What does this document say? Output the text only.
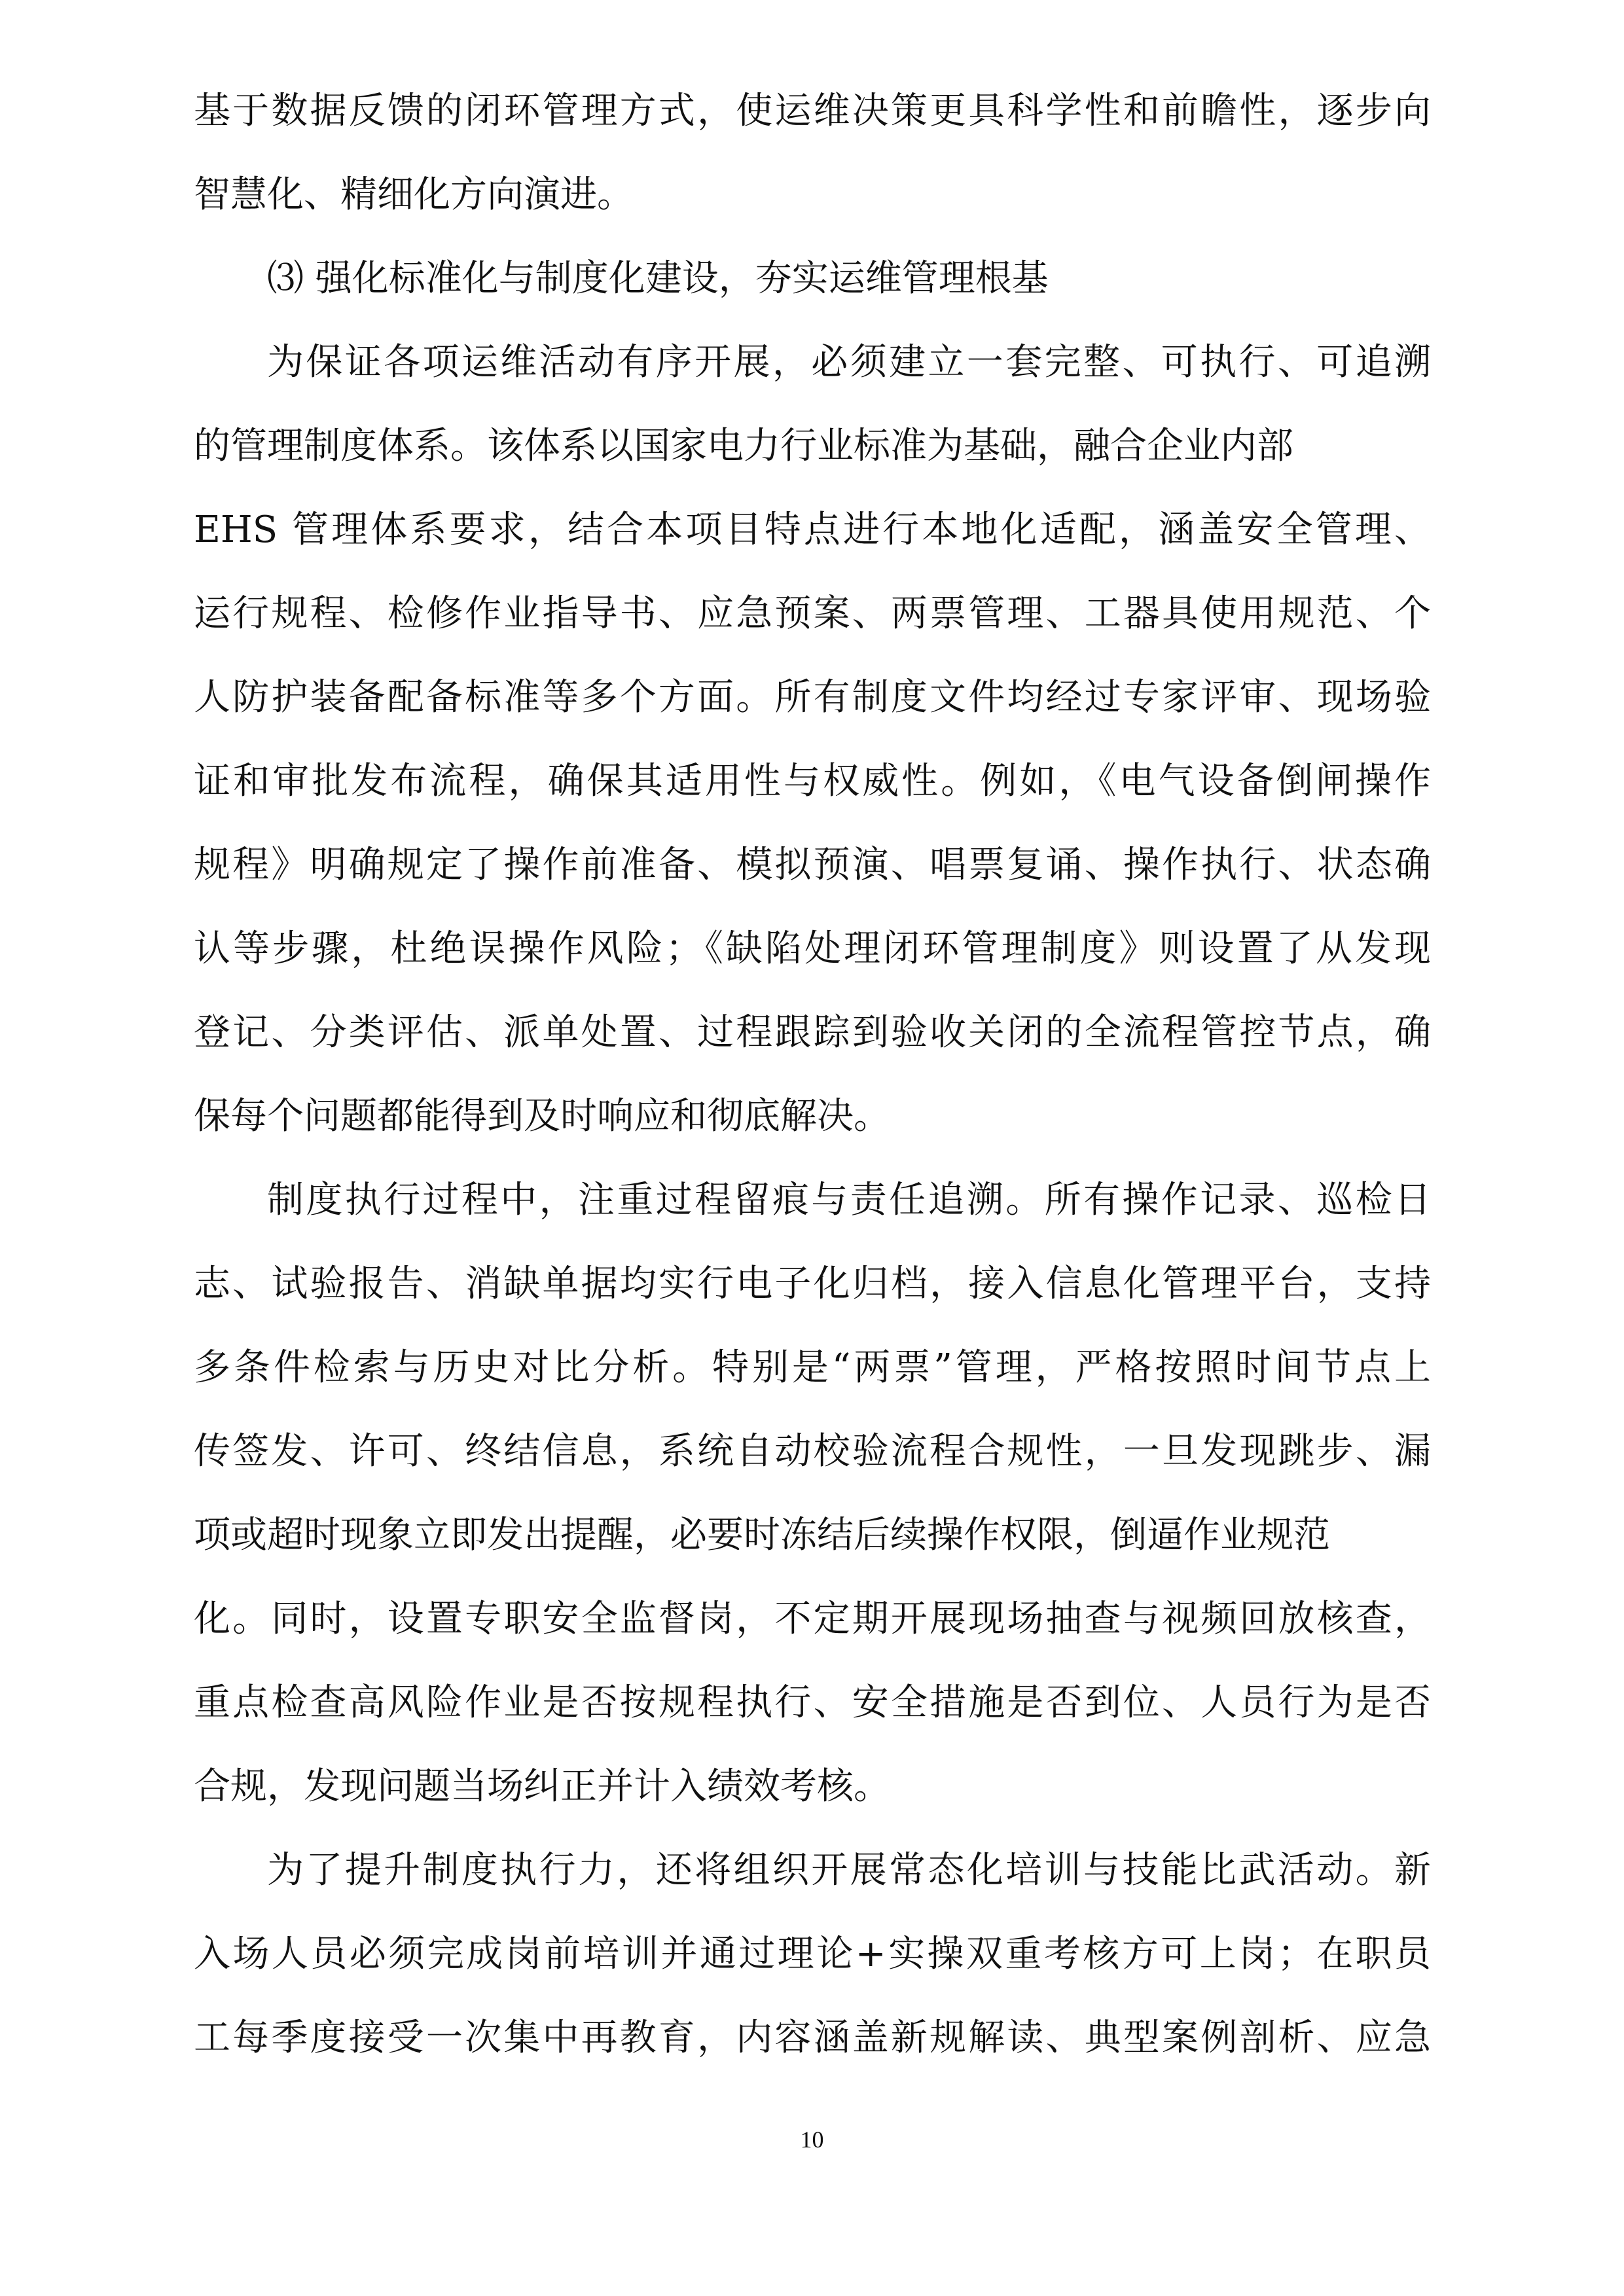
基于数据反馈的闭环管理方式，使运维决策更具科学性和前瞻性，逐步向
智慧化、精细化方向演进。
⑶ 强化标准化与制度化建设，夯实运维管理根基
为保证各项运维活动有序开展，必须建立一套完整、可执行、可追溯
的管理制度体系。该体系以国家电力行业标准为基础，融合企业内部
EHS 管理体系要求，结合本项目特点进行本地化适配，涵盖安全管理、
运行规程、检修作业指导书、应急预案、两票管理、工器具使用规范、个
人防护装备配备标准等多个方面。所有制度文件均经过专家评审、现场验
证和审批发布流程，确保其适用性与权威性。例如，《电气设备倒闸操作
规程》明确规定了操作前准备、模拟预演、唱票复诵、操作执行、状态确
认等步骤，杜绝误操作风险；《缺陷处理闭环管理制度》则设置了从发现
登记、分类评估、派单处置、过程跟踪到验收关闭的全流程管控节点，确
保每个问题都能得到及时响应和彻底解决。
制度执行过程中，注重过程留痕与责任追溯。所有操作记录、巡检日
志、试验报告、消缺单据均实行电子化归档，接入信息化管理平台，支持
多条件检索与历史对比分析。特别是“两票”管理，严格按照时间节点上
传签发、许可、终结信息，系统自动校验流程合规性，一旦发现跳步、漏
项或超时现象立即发出提醒，必要时冻结后续操作权限，倒逼作业规范
化。同时，设置专职安全监督岗，不定期开展现场抽查与视频回放核查，
重点检查高风险作业是否按规程执行、安全措施是否到位、人员行为是否
合规，发现问题当场纠正并计入绩效考核。
为了提升制度执行力，还将组织开展常态化培训与技能比武活动。新
入场人员必须完成岗前培训并通过理论+实操双重考核方可上岗；在职员
工每季度接受一次集中再教育，内容涵盖新规解读、典型案例剖析、应急
10
